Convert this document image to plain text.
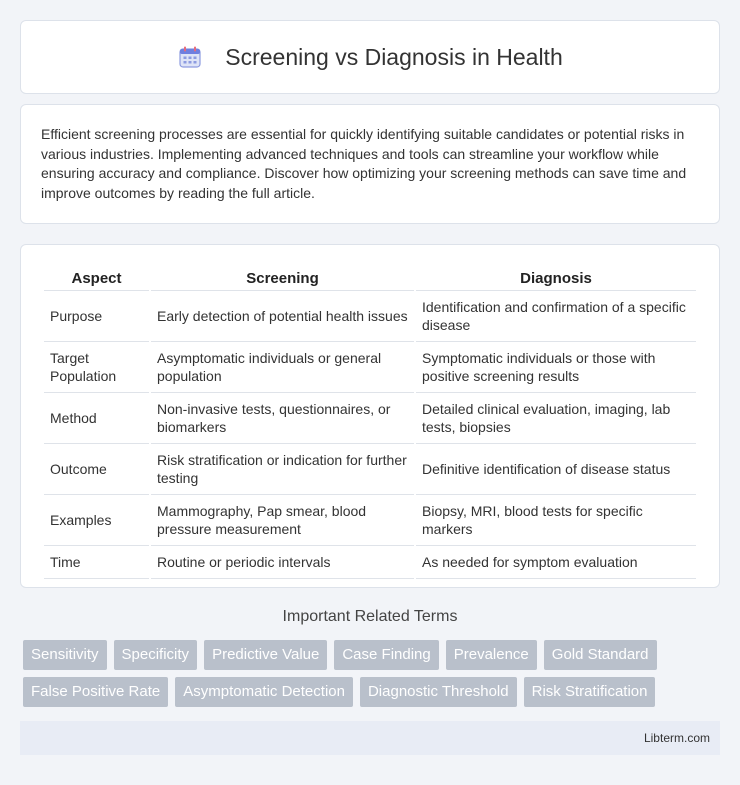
Screening vs Diagnosis in Health

Efficient screening processes are essential for quickly identifying suitable candidates or potential risks in various industries. Implementing advanced techniques and tools can streamline your workflow while ensuring accuracy and compliance. Discover how optimizing your screening methods can save time and improve outcomes by reading the full article.

Aspect	Screening	Diagnosis
Purpose	Early detection of potential health issues	Identification and confirmation of a specific disease
Target Population	Asymptomatic individuals or general population	Symptomatic individuals or those with positive screening results
Method	Non-invasive tests, questionnaires, or biomarkers	Detailed clinical evaluation, imaging, lab tests, biopsies
Outcome	Risk stratification or indication for further testing	Definitive identification of disease status
Examples	Mammography, Pap smear, blood pressure measurement	Biopsy, MRI, blood tests for specific markers
Time	Routine or periodic intervals	As needed for symptom evaluation
Important Related Terms
Sensitivity	Specificity	Predictive Value	Case Finding	Prevalence	Gold Standard
False Positive Rate	Asymptomatic Detection	Diagnostic Threshold	Risk Stratification
Libterm.com
